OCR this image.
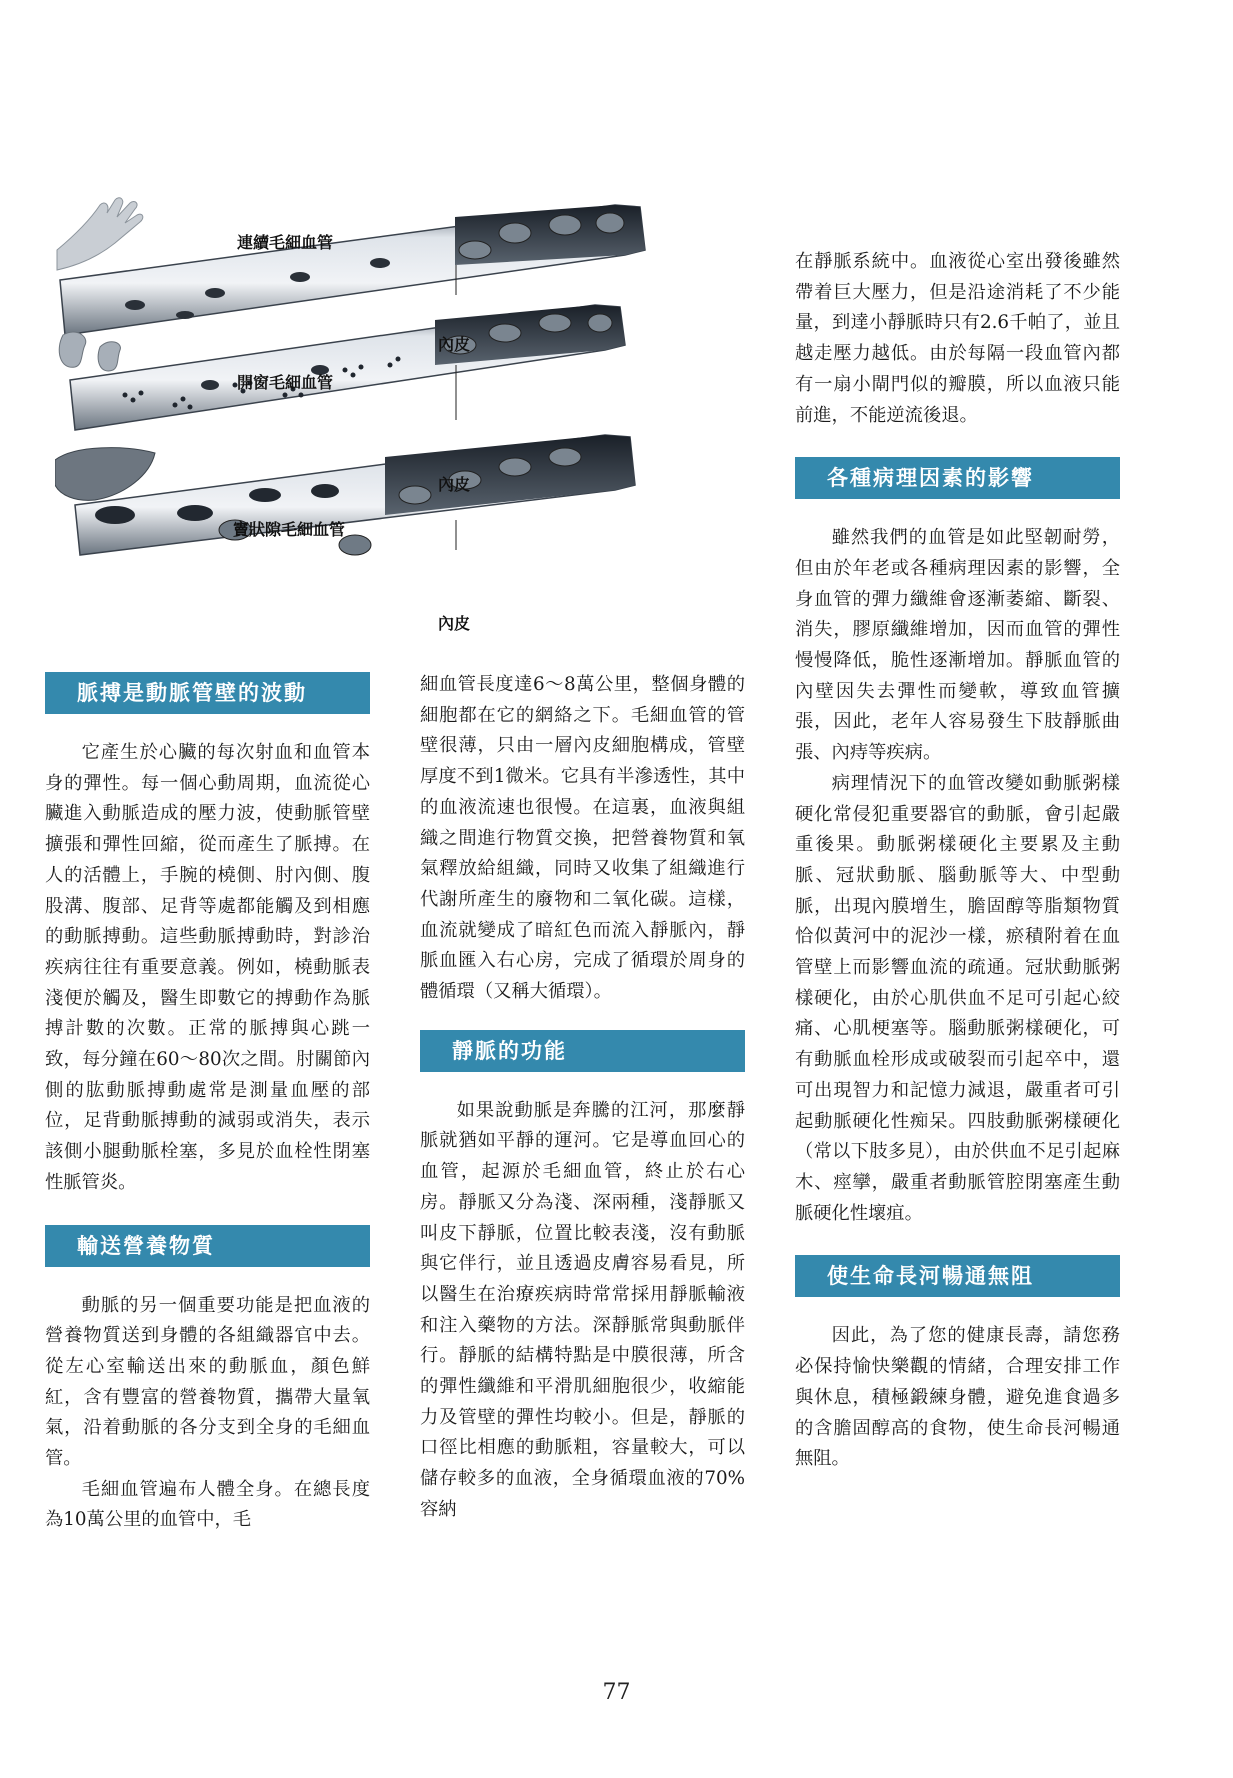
連續毛細血管
內皮
開窗毛細血管
內皮
竇狀隙毛細血管
內皮
脈搏是動脈管壁的波動

它產生於心臟的每次射血和血管本身的彈性。每一個心動周期，血流從心臟進入動脈造成的壓力波，使動脈管壁擴張和彈性回縮，從而產生了脈搏。在人的活體上，手腕的橈側、肘內側、腹股溝、腹部、足背等處都能觸及到相應的動脈搏動。這些動脈搏動時，對診治疾病往往有重要意義。例如，橈動脈表淺便於觸及，醫生即數它的搏動作為脈搏計數的次數。正常的脈搏與心跳一致，每分鐘在60～80次之間。肘關節內側的肱動脈搏動處常是測量血壓的部位，足背動脈搏動的減弱或消失，表示該側小腿動脈栓塞，多見於血栓性閉塞性脈管炎。

輸送營養物質

動脈的另一個重要功能是把血液的營養物質送到身體的各組織器官中去。從左心室輸送出來的動脈血，顏色鮮紅，含有豐富的營養物質，攜帶大量氧氣，沿着動脈的各分支到全身的毛細血管。

毛細血管遍布人體全身。在總長度為10萬公里的血管中，毛

細血管長度達6～8萬公里，整個身體的細胞都在它的網絡之下。毛細血管的管壁很薄，只由一層內皮細胞構成，管壁厚度不到1微米。它具有半滲透性，其中的血液流速也很慢。在這裏，血液與組織之間進行物質交換，把營養物質和氧氣釋放給組織，同時又收集了組織進行代謝所產生的廢物和二氧化碳。這樣，血流就變成了暗紅色而流入靜脈內，靜脈血匯入右心房，完成了循環於周身的體循環（又稱大循環）。

靜脈的功能

如果說動脈是奔騰的江河，那麼靜脈就猶如平靜的運河。它是導血回心的血管，起源於毛細血管，終止於右心房。靜脈又分為淺、深兩種，淺靜脈又叫皮下靜脈，位置比較表淺，沒有動脈與它伴行，並且透過皮膚容易看見，所以醫生在治療疾病時常常採用靜脈輸液和注入藥物的方法。深靜脈常與動脈伴行。靜脈的結構特點是中膜很薄，所含的彈性纖維和平滑肌細胞很少，收縮能力及管壁的彈性均較小。但是，靜脈的口徑比相應的動脈粗，容量較大，可以儲存較多的血液，全身循環血液的70%容納

在靜脈系統中。血液從心室出發後雖然帶着巨大壓力，但是沿途消耗了不少能量，到達小靜脈時只有2.6千帕了，並且越走壓力越低。由於每隔一段血管內都有一扇小閘門似的瓣膜，所以血液只能前進，不能逆流後退。

各種病理因素的影響

雖然我們的血管是如此堅韌耐勞，但由於年老或各種病理因素的影響，全身血管的彈力纖維會逐漸萎縮、斷裂、消失，膠原纖維增加，因而血管的彈性慢慢降低，脆性逐漸增加。靜脈血管的內壁因失去彈性而變軟，導致血管擴張，因此，老年人容易發生下肢靜脈曲張、內痔等疾病。

病理情況下的血管改變如動脈粥樣硬化常侵犯重要器官的動脈，會引起嚴重後果。動脈粥樣硬化主要累及主動脈、冠狀動脈、腦動脈等大、中型動脈，出現內膜增生，膽固醇等脂類物質恰似黃河中的泥沙一樣，瘀積附着在血管壁上而影響血流的疏通。冠狀動脈粥樣硬化，由於心肌供血不足可引起心絞痛、心肌梗塞等。腦動脈粥樣硬化，可有動脈血栓形成或破裂而引起卒中，還可出現智力和記憶力減退，嚴重者可引起動脈硬化性痴呆。四肢動脈粥樣硬化（常以下肢多見），由於供血不足引起麻木、痙攣，嚴重者動脈管腔閉塞產生動脈硬化性壞疽。

使生命長河暢通無阻

因此，為了您的健康長壽，請您務必保持愉快樂觀的情緒，合理安排工作與休息，積極鍛練身體，避免進食過多的含膽固醇高的食物，使生命長河暢通無阻。

77
